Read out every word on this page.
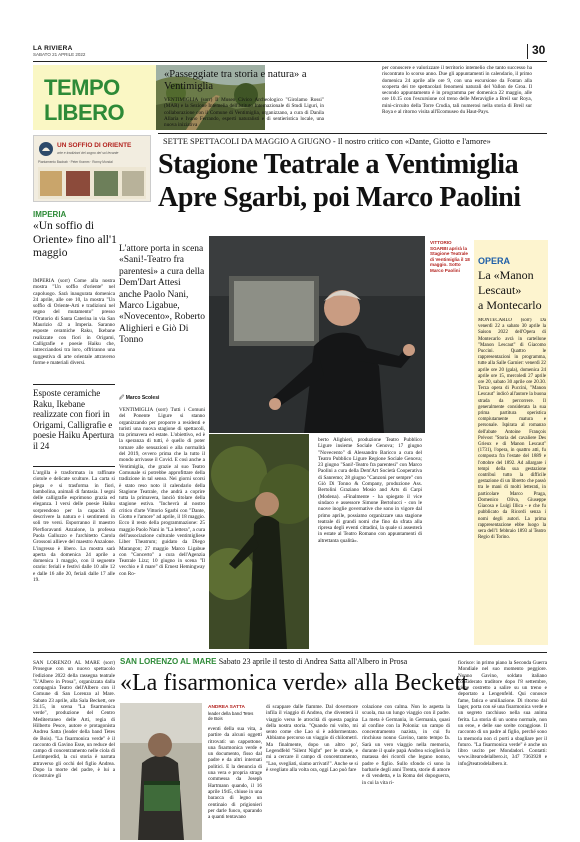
LA RIVIERA
SABATO 21 APRILE 2022	30
TEMPO
LIBERO
«Passeggiate tra storia e natura» a Ventimiglia
VENTIMIGLIA (sorr) Il Museo Civico Archeologico "Girolamo Rossi" (MAR) e la Sezione Intemelia dell'Istituto Internazionale di Studi Liguri, in collaborazione con il Comune di Ventimiglia, organizzano, a cura di Danila Allaria e Ivano Ferrando, esperti naturalisti e di sentieristica locale, una nuova iniziativa
per conoscere e valorizzare il territorio intemelio che tanto successo ha riscontrato lo scorso anno. Due gli appuntamenti in calendario, il primo domenica 24 aprile alle ore 9, con una escursione da Fontan alla scoperta dei tre spettacolari fenomeni naturali del Vallon de Groa. Il secondo appuntamento è in programma per domenica 22 maggio, alle ore 10.15 con l'escursione col treno delle Meraviglie a Breil sur Roya, mini-circuito della Torre Crudia, tali numerosi nella storia di Breil sur Roya e al ritorno visita all'Ecomuseo du Haut-Pays.
UN SOFFIO DI ORIENTE
arte e tradizioni del sogno del sol levante
Piantamento Baobab · Peter Kramm · Ronny Mondal
SETTE SPETTACOLI DA MAGGIO A GIUGNO - Il nostro critico con «Dante, Giotto e l'amore»
Stagione Teatrale a Ventimiglia
Apre Sgarbi, poi Marco Paolini
L'attore porta in scena «Sani!-Teatro fra parentesi» a cura della Dem'Dart Attesi anche Paolo Nani, Marco Ligabue, «Novecento», Roberto Alighieri e Giò Di Tonno
🖉 Marco Scolesi
VENTIMIGLIA (sorr) Tutti i Comuni del Ponente Ligure si stanno organizzando per proporre a residenti e turisti una nuova stagione di spettacoli, tra primavera ed estate. L'obiettivo, ed è la speranza di tutti, è quello di poter tornare alle sensazioni e alla normalità del 2019, ovvero prima che la tutto il mondo arrivasse il Covid. E così anche a Ventimiglia, che grazie al suo Teatro Comunale si potrebbe approfittare della tradizione in tal senso. Nei giorni scorsi è stato reso noto il calendario della Stagione Teatrale, che andrà a coprire tutta la primavera, lanciò titolare della stagione estiva. "Inchevrà al nostro critico d'arte Vittorio Sgarbi con "Dante, Giotto e l'amore" ad aprile, il 18 maggio. Ecco il resto della programmazione: 25 maggio Paolo Nani in "La lettera", a cura dell'associazione culturale ventimigliese Liber Theatrum; guidato da Diego Marangon; 27 maggio Marco Ligabue con "Concerto" a cura dell'Agenzia Teatrale Lizz; 10 giugno in scena "Il vecchio e il mare" di Ernest Hemingway con Ro-
berto Alighieri, produzione Teatro Pubblico Ligure insieme Sociale Genova; 17 giugno "Novecento" di Alessandro Baricco a cura del Teatro Pubblico Ligure Regione Sociale Genova; 23 giugno "Sani!-Teatro fra parentesi" con Marco Paolini a cura della Dem'Art Società Cooperativa di Sanremo; 28 giugno "Canzoni per sempre" con Giò Di Tonno & Company, produzione Ass. Bertolini Graziano Mosio and Arts di Carpi (Modena). «Finalmente - ha spiegato il vice sindaco e assessore Simone Bertolucci - con le nuove inoglie governative che sono in vigore dal primo aprile, possiamo organizzare una stagione teatrale di grandi nomi che fino da sfrata alla ripresa degli eventi cittadini, la quale si assesterà in estate al Teatro Romano con appuntamenti di altrettanta qualità».
VITTORIO SGARBI aprirà la Stagione Teatrale di Ventimiglia il 18 maggio. Sotto Marco Paolini
OPERA
La «Manon
Lescaut»
a Montecarlo
MONTECARLO (sorr) Da venerdì 22 a sabato 30 aprile la Saison 2022 dell'Opera di Montecarlo avrà in cartellone "Manon Lescaut" di Giacomo Puccini. Quattro le rappresentazioni in programma, tutte alla Salle Garnier: venerdì 22 aprile ore 20 (gala), domenica 24 aprile ore 15, mercoledì 27 aprile ore 20, sabato 30 aprile ore 20.30. Terza opera di Puccini, "Manon Lescaut" indicò all'autore la buona strada da percorrere. Il generalmente considerata la sua prima partitura operistica compiutamente matura e personale. Ispirata al romanzo dell'abate Antoine François Prévost "Storia del cavaliere Des Grieux e di Manon Lescaut" (1731), l'opera, in quattro atti, fu composta fra l'estate del 1889 e l'ottobre del 1892. Ad allargare i tempi della sua gestazione contribuì tutto la difficile gestazione di un libretto che passò tra le mani di molti letterati, in particolare Marco Praga, Domenico Oliva, Giuseppe Giacosa e Luigi Illica - e che fu pubblicato da Ricordi senza i nomi degli autori. La prima rappresentazione ebbe luogo la sera dell'1 febbraio 1893 al Teatro Regio di Torino.
IMPERIA
«Un soffio di Oriente» fino all'1 maggio
IMPERIA (sorr) Come alla nostra mostra "Un soffio d'oriente" nel capoluogo. Sarà inaugurata domenica 24 aprile, alle ore 10, la mostra "Un soffio di Oriente-Arti e tradizioni nel segno del mutamento" presso l'Oratorio di Santa Caterina in via San Maurizio 42 a Imperia. Saranno esposte ceramiche Raku, Ikebane realizzate con fiori in Origami, Calligrafie e poesie Haiku che, intrecciandosi tra loro, offriranno una suggestiva di arte orientale attraverso forme e materiali diversi.
Esposte ceramiche Raku, Ikebane realizzate con fiori in Origami, Calligrafie e poesie Haiku Apertura il 24
L'argilla è trasformata in raffinate ciotole e delicate sculture. La carta si piega e si trasforma in fiori, bambolina, animali di fantasia. I segni delle calligrafie esprimono grazia ed eleganza. I versi delle poesie Haiku sorprendono per la capacità di descrivere la natura e i sentimenti in soli tre versi. Esporranno il maestro Pierfioravanti Anzalone, la professa Paola Galluzzo e l'architetto Carola Grossoni allieve del maestro Anzalone. L'ingresso è libero. La mostra sarà aperta da domenica 24 aprile a domenica 1 maggio, con il seguente orario: feriali e festivi dalle 10 alle 12 e dalle 16 alle 20, feriali dalle 17 alle 19.
SAN LORENZO AL MARE Sabato 23 aprile il testo di Andrea Satta all'Albero in Prosa
«La fisarmonica verde» alla Beckett
SAN LORENZO AL MARE (sorr) Prosegue con un nuovo spettacolo l'edizione 2022 della rassegna teatrale "L'Albero in Prosa", organizzata dalla compagnia Teatro dell'Albero con il Comune di San Lorenzo al Mare. Sabato 23 aprile, alla Sala Beckett, ore 21.15, in scena "La fisarmonica verde", produzione del Centro Mediterraneo delle Arti, regia di Hilberto Pesce, autore e protagonista Andrea Satta (leader della band Tetes de Bois). "La fisarmonica verde" è il racconto di Gavino Esse, un reduce del campo di concentramento nelle ciola di Lerimperdid, la cui storia è narrata attraverso gli occhi del figlio Andrea. Dopo la morte del padre, è lui a ricostruire gli
ANDREA SATTA
leader della band Tetes de Bois
eventi della sua vita, a partire da alcuni oggetti ritrovati: un cappottone, una fisarmonica verde e un documento, fisso dal padre e da altri internati politici. E la denuncia di una vera e propria strage commessa da Joseph Hartmann quando, il 16 aprile 1945, chiuse in una baracca di legno un centinaio di prigionieri per darle fuoco, sparando a quanti tentavano
di scappare dalle fiamme. Dal dovertoore infila il viaggio di Andrea, che diventerà il viaggio verso le atrocità di questa pagina della nostra storia. "Quando mi volto, mi sento come che Lao si è addormentato. Abbiamo percorso un viaggio di chilometri. Ma finalmente, dopo un altro po', Legendfeld "Silent Night" per le strade, e mi a cercare il campo di concentramento, "Lao, svegliati, siamo arrivati!". Anche se si è svegliato alla volta ora, oggi Lao può fare
colazione con calma. Non lo aspetta la scuola, ma un lungo viaggio con il padre. La meta è Germania, in Germania, quasi al confine con la Polonia: un campo di concentramento nazista, in cui fu rinchiuso nonno Gavino, tanto tempo fa. Sarà un vero viaggio nella memoria, durante il quale papà Andrea scioglierà la matassa dei ricordi che legano nonno, padre e figlio. Sullo sfondo ci sono la barbarie degli anni Trenta, storie di amore e di vendetta, e la Roma del dopoguerra, in cui la vita ri-
fiorisce: in primo piano la Seconda Guerra Mondiale nel suo momento peggiore. Nonno Gavino, soldato italiano considerato traditore dopo l'8 settembre, viene costretto a salire su un treno e deportato a Lengenfeld. Qui conosce fame, fatica e umiliazione. Di ritorno dal lager, porta con sé una fisarmonica verde e un segreto racchiuso nella sua anima ferita. La storia di un uomo normale, non un eroe, e delle sue scelte coraggiose. Il racconto di un padre al figlio, perché sono la memoria non ci porti a sbagliare per il futuro. "La fisarmonica verde" è anche un libro uscito per Mondadori. Contatti: www.iltearodelalbero.it, 347 7363928 e info@teatrodelalbero.it.
